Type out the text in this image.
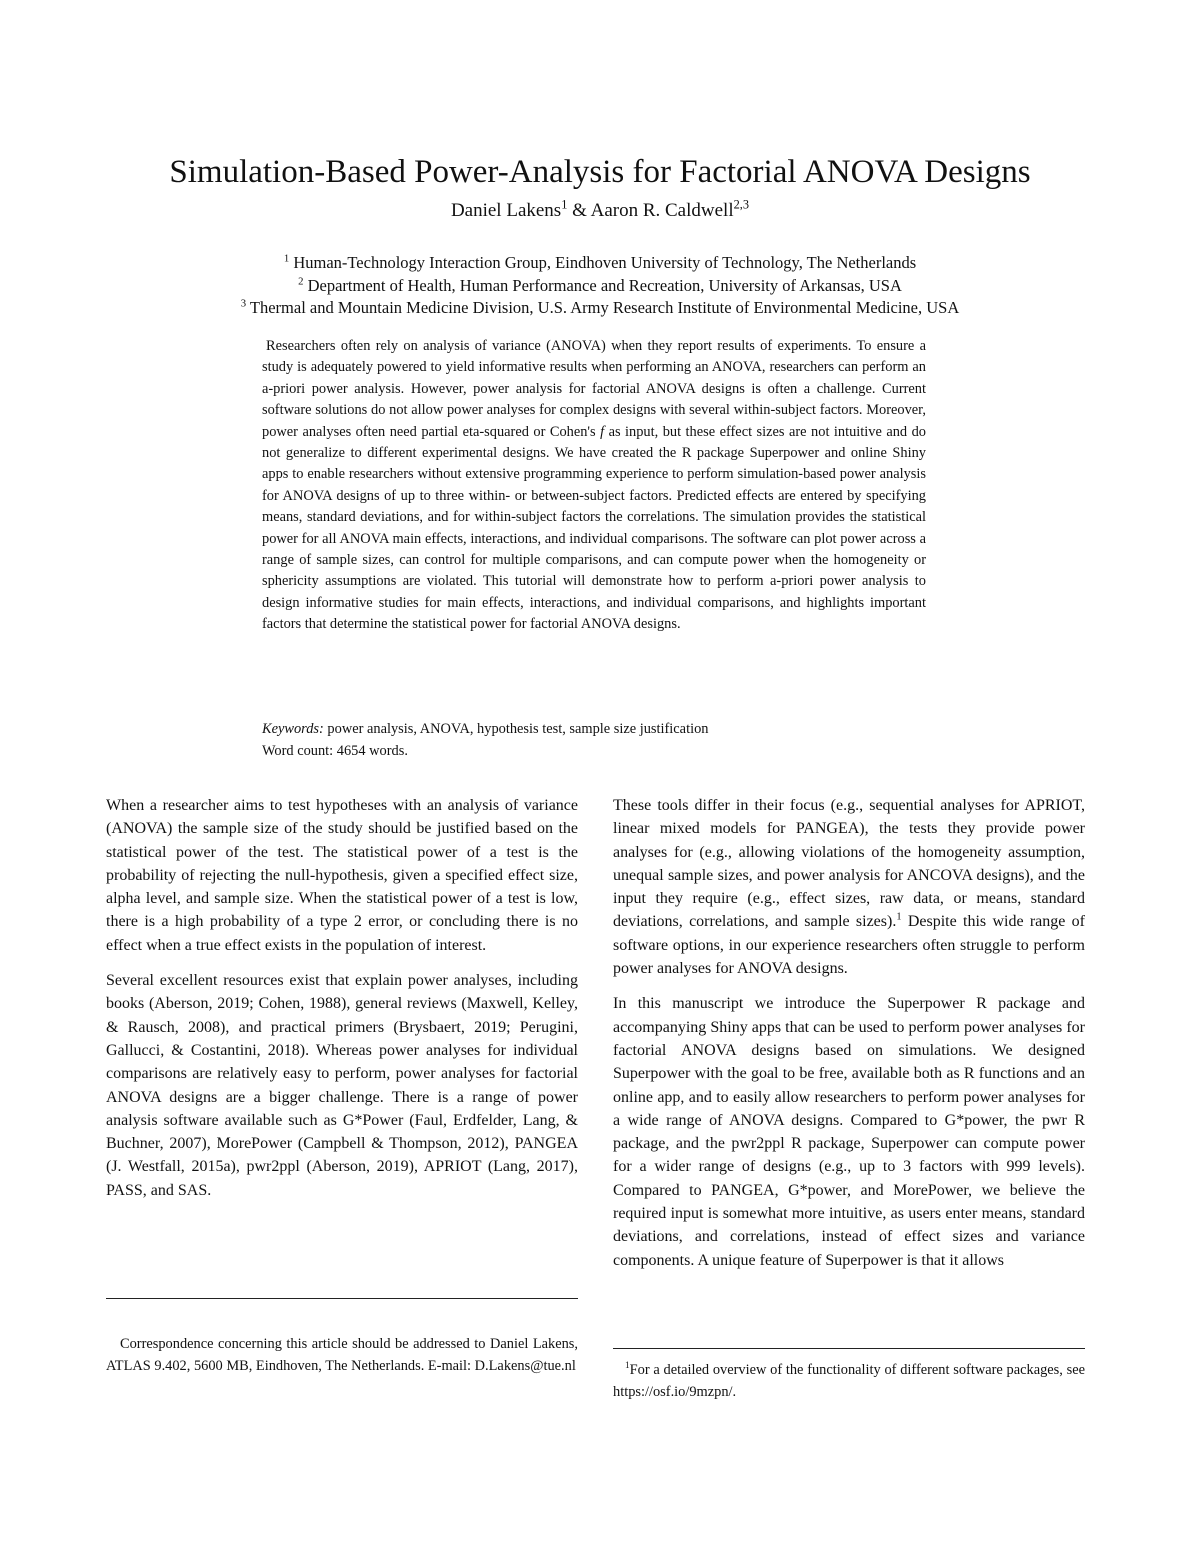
Simulation-Based Power-Analysis for Factorial ANOVA Designs
Daniel Lakens$^1$ & Aaron R. Caldwell$^{2,3}$
$^1$ Human-Technology Interaction Group, Eindhoven University of Technology, The Netherlands
$^2$ Department of Health, Human Performance and Recreation, University of Arkansas, USA
$^3$ Thermal and Mountain Medicine Division, U.S. Army Research Institute of Environmental Medicine, USA

Researchers often rely on analysis of variance (ANOVA) when they report results of experiments. To ensure a study is adequately powered to yield informative results when performing an ANOVA, researchers can perform an a-priori power analysis. However, power analysis for factorial ANOVA designs is often a challenge. Current software solutions do not allow power analyses for complex designs with several within-subject factors. Moreover, power analyses often need partial eta-squared or Cohen's f as input, but these effect sizes are not intuitive and do not generalize to different experimental designs. We have created the R package Superpower and online Shiny apps to enable researchers without extensive programming experience to perform simulation-based power analysis for ANOVA designs of up to three within- or between-subject factors. Predicted effects are entered by specifying means, standard deviations, and for within-subject factors the correlations. The simulation provides the statistical power for all ANOVA main effects, interactions, and individual comparisons. The software can plot power across a range of sample sizes, can control for multiple comparisons, and can compute power when the homogeneity or sphericity assumptions are violated. This tutorial will demonstrate how to perform a-priori power analysis to design informative studies for main effects, interactions, and individual comparisons, and highlights important factors that determine the statistical power for factorial ANOVA designs.

Keywords: power analysis, ANOVA, hypothesis test, sample size justification
Word count: 4654 words.

When a researcher aims to test hypotheses with an analysis of variance (ANOVA) the sample size of the study should be justified based on the statistical power of the test. The statistical power of a test is the probability of rejecting the null-hypothesis, given a specified effect size, alpha level, and sample size. When the statistical power of a test is low, there is a high probability of a type 2 error, or concluding there is no effect when a true effect exists in the population of interest.

Several excellent resources exist that explain power analyses, including books (Aberson, 2019; Cohen, 1988), general reviews (Maxwell, Kelley, & Rausch, 2008), and practical primers (Brysbaert, 2019; Perugini, Gallucci, & Costantini, 2018). Whereas power analyses for individual comparisons are relatively easy to perform, power analyses for factorial ANOVA designs are a bigger challenge. There is a range of power analysis software available such as G*Power (Faul, Erdfelder, Lang, & Buchner, 2007), MorePower (Campbell & Thompson, 2012), PANGEA (J. Westfall, 2015a), pwr2ppl (Aberson, 2019), APRIOT (Lang, 2017), PASS, and SAS.

These tools differ in their focus (e.g., sequential analyses for APRIOT, linear mixed models for PANGEA), the tests they provide power analyses for (e.g., allowing violations of the homogeneity assumption, unequal sample sizes, and power analysis for ANCOVA designs), and the input they require (e.g., effect sizes, raw data, or means, standard deviations, correlations, and sample sizes).$^1$ Despite this wide range of software options, in our experience researchers often struggle to perform power analyses for ANOVA designs.

In this manuscript we introduce the Superpower R package and accompanying Shiny apps that can be used to perform power analyses for factorial ANOVA designs based on simulations. We designed Superpower with the goal to be free, available both as R functions and an online app, and to easily allow researchers to perform power analyses for a wide range of ANOVA designs. Compared to G*power, the pwr R package, and the pwr2ppl R package, Superpower can compute power for a wider range of designs (e.g., up to 3 factors with 999 levels). Compared to PANGEA, G*power, and MorePower, we believe the required input is somewhat more intuitive, as users enter means, standard deviations, and correlations, instead of effect sizes and variance components. A unique feature of Superpower is that it allows

Correspondence concerning this article should be addressed to Daniel Lakens, ATLAS 9.402, 5600 MB, Eindhoven, The Netherlands. E-mail: D.Lakens@tue.nl	$^1$For a detailed overview of the functionality of different software packages, see https://osf.io/9mzpn/.
